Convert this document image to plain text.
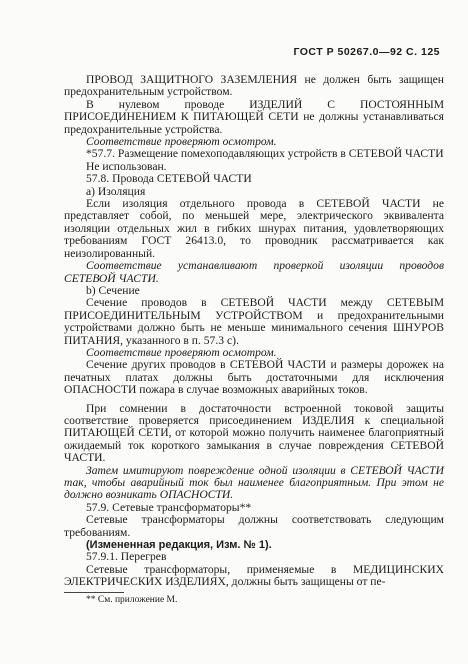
ГОСТ Р 50267.0—92 С. 125

ПРОВОД ЗАЩИТНОГО ЗАЗЕМЛЕНИЯ не должен быть защищен предохранительным устройством.

В нулевом проводе ИЗДЕЛИЙ С ПОСТОЯННЫМ ПРИСОЕДИНЕНИЕМ К ПИТАЮЩЕЙ СЕТИ не должны устанавливаться предохранительные устройства.

Соответствие проверяют осмотром.

*57.7. Размещение помехоподавляющих устройств в СЕТЕВОЙ ЧАСТИ

Не использован.

57.8. Провода СЕТЕВОЙ ЧАСТИ

а) Изоляция

Если изоляция отдельного провода в СЕТЕВОЙ ЧАСТИ не представляет собой, по меньшей мере, электрического эквивалента изоляции отдельных жил в гибких шнурах питания, удовлетворяющих требованиям ГОСТ 26413.0, то проводник рассматривается как неизолированный.

Соответствие устанавливают проверкой изоляции проводов СЕТЕВОЙ ЧАСТИ.

b) Сечение

Сечение проводов в СЕТЕВОЙ ЧАСТИ между СЕТЕВЫМ ПРИСОЕДИНИТЕЛЬНЫМ УСТРОЙСТВОМ и предохранительными устройствами должно быть не меньше минимального сечения ШНУРОВ ПИТАНИЯ, указанного в п. 57.3 с).

Соответствие проверяют осмотром.

Сечение других проводов в СЕТЕВОЙ ЧАСТИ и размеры дорожек на печатных платах должны быть достаточными для исключения ОПАСНОСТИ пожара в случае возможных аварийных токов.

При сомнении в достаточности встроенной токовой защиты соответствие проверяется присоединением ИЗДЕЛИЯ к специальной ПИТАЮЩЕЙ СЕТИ, от которой можно получить наименее благоприятный ожидаемый ток короткого замыкания в случае повреждения СЕТЕВОЙ ЧАСТИ.

Затем имитируют повреждение одной изоляции в СЕТЕВОЙ ЧАСТИ так, чтобы аварийный ток был наименее благоприятным. При этом не должно возникать ОПАСНОСТИ.

57.9. Сетевые трансформаторы**

Сетевые трансформаторы должны соответствовать следующим требованиям.

(Измененная редакция, Изм. № 1).

57.9.1. Перегрев

Сетевые трансформаторы, применяемые в МЕДИЦИНСКИХ ЭЛЕКТРИЧЕСКИХ ИЗДЕЛИЯХ, должны быть защищены от пе-

** См. приложение М.
